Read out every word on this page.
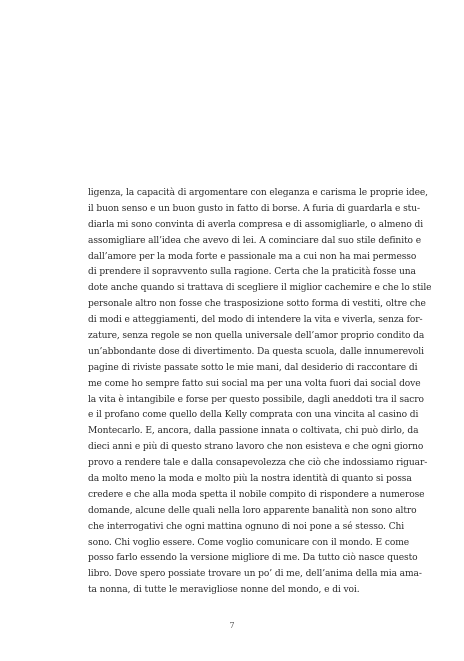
ligenza, la capacità di argomentare con eleganza e carisma le proprie idee,
il buon senso e un buon gusto in fatto di borse. A furia di guardarla e stu-
diarla mi sono convinta di averla compresa e di assomigliarle, o almeno di
assomigliare all’idea che avevo di lei. A cominciare dal suo stile definito e
dall’amore per la moda forte e passionale ma a cui non ha mai permesso
di prendere il sopravvento sulla ragione. Certa che la praticità fosse una
dote anche quando si trattava di scegliere il miglior cachemire e che lo stile
personale altro non fosse che trasposizione sotto forma di vestiti, oltre che
di modi e atteggiamenti, del modo di intendere la vita e viverla, senza for-
zature, senza regole se non quella universale dell’amor proprio condito da
un’abbondante dose di divertimento. Da questa scuola, dalle innumerevoli
pagine di riviste passate sotto le mie mani, dal desiderio di raccontare di
me come ho sempre fatto sui social ma per una volta fuori dai social dove
la vita è intangibile e forse per questo possibile, dagli aneddoti tra il sacro
e il profano come quello della Kelly comprata con una vincita al casino di
Montecarlo. E, ancora, dalla passione innata o coltivata, chi può dirlo, da
dieci anni e più di questo strano lavoro che non esisteva e che ogni giorno
provo a rendere tale e dalla consapevolezza che ciò che indossiamo riguar-
da molto meno la moda e molto più la nostra identità di quanto si possa
credere e che alla moda spetta il nobile compito di rispondere a numerose
domande, alcune delle quali nella loro apparente banalità non sono altro
che interrogativi che ogni mattina ognuno di noi pone a sé stesso. Chi
sono. Chi voglio essere. Come voglio comunicare con il mondo. E come
posso farlo essendo la versione migliore di me. Da tutto ciò nasce questo
libro. Dove spero possiate trovare un po’ di me, dell’anima della mia ama-
ta nonna, di tutte le meravigliose nonne del mondo, e di voi.
7
